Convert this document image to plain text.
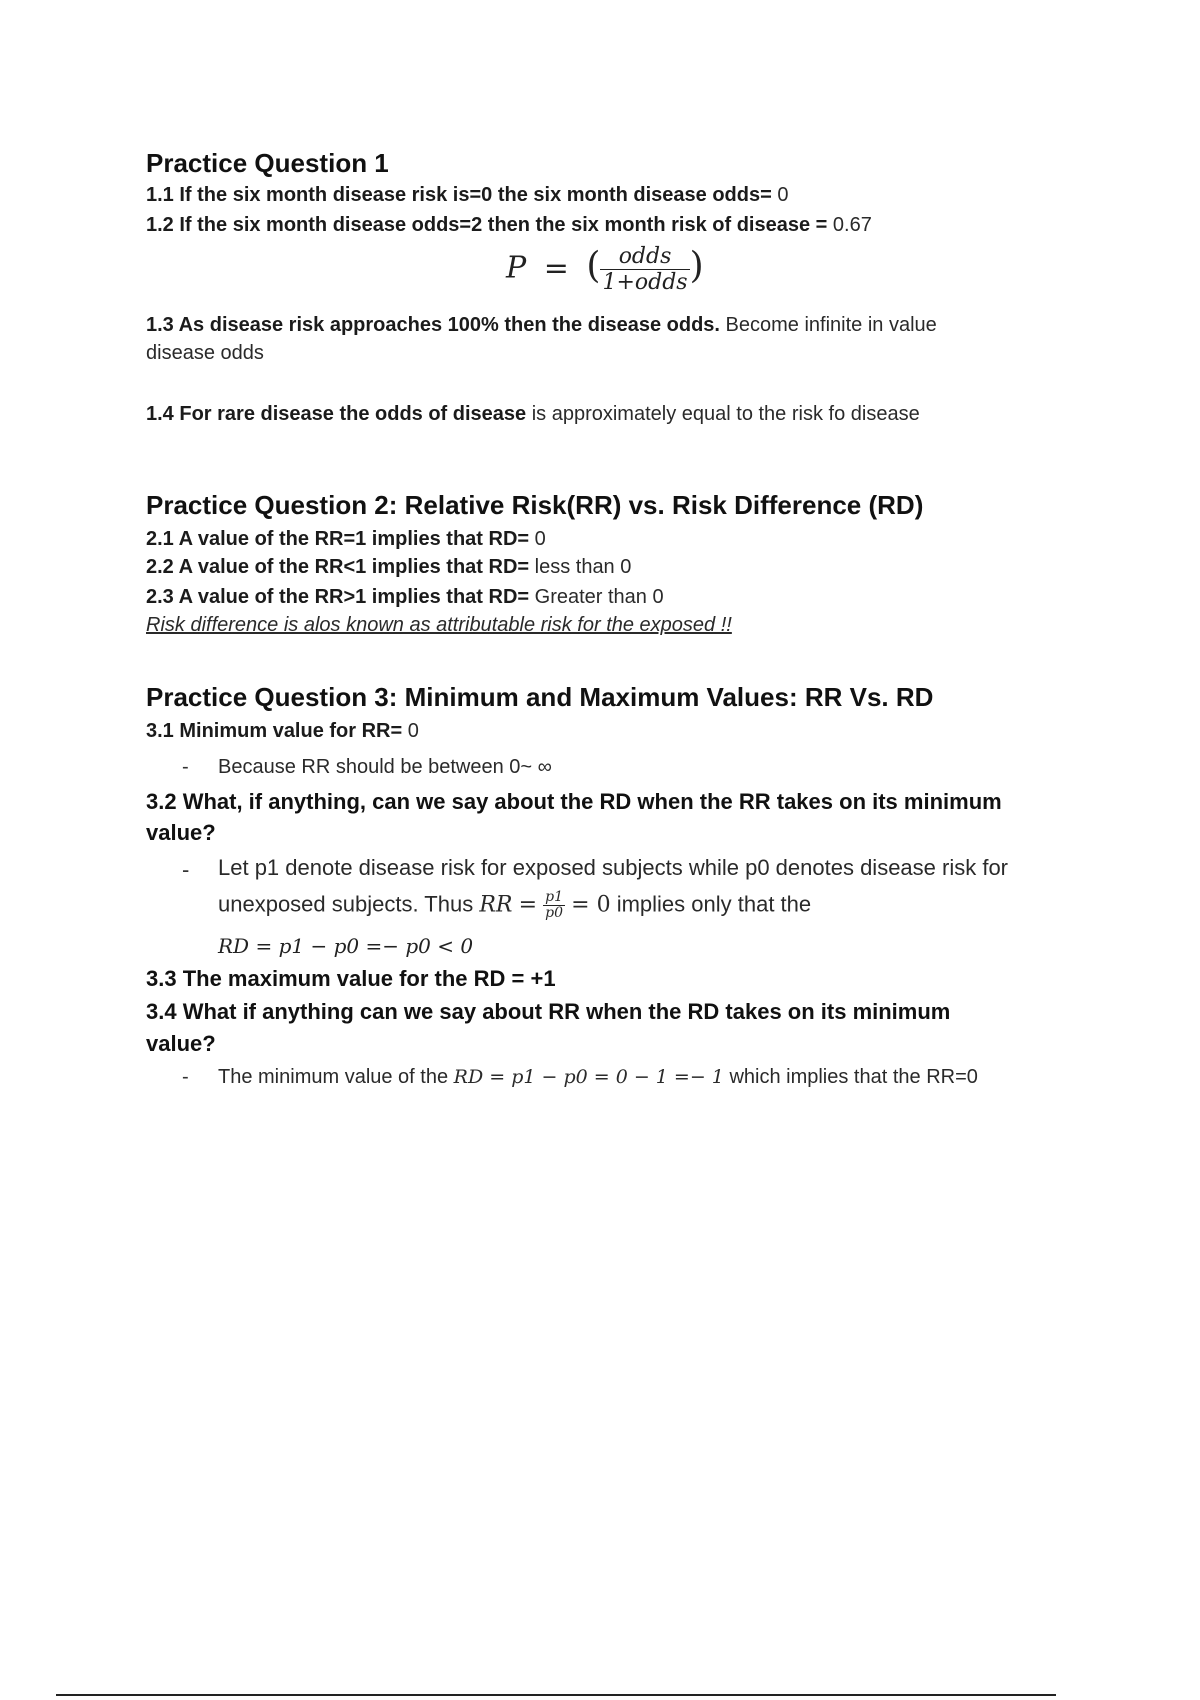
Practice Question 1
1.1 If the six month disease risk is=0 the six month disease odds= 0
1.2 If the six month disease odds=2 then the six month risk of disease = 0.67
P = ( $\frac{\text{odds}}{\text{1+odds}}$ )
1.3 As disease risk approaches 100% then the disease odds. Become infinite in value
disease odds
1.4 For rare disease the odds of disease is approximately equal to the risk fo disease
Practice Question 2: Relative Risk(RR) vs. Risk Difference (RD)
2.1 A value of the RR=1 implies that RD= 0
2.2 A value of the RR<1 implies that RD= less than 0
2.3 A value of the RR>1 implies that RD= Greater than 0
Risk difference is alos known as attributable risk for the exposed !!
Practice Question 3: Minimum and Maximum Values: RR Vs. RD
3.1 Minimum value for RR= 0
- Because RR should be between 0~ ∞
3.2 What, if anything, can we say about the RD when the RR takes on its minimum
value?
- Let p1 denote disease risk for exposed subjects while p0 denotes disease risk for
unexposed subjects. Thus RR = $\frac{p1}{p0} = 0$ implies only that the
RD = p1 − p0 =− p0 < 0
3.3 The maximum value for the RD = +1
3.4 What if anything can we say about RR when the RD takes on its minimum
value?
- The minimum value of the RD = p1 − p0 = 0 − 1 =− 1 which implies that the RR=0
